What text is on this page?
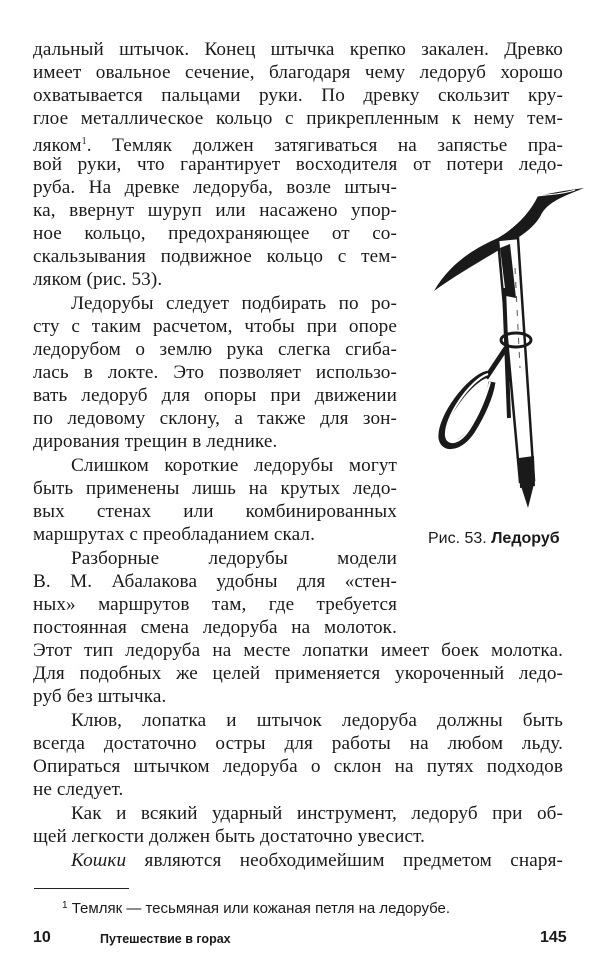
дальный штычок. Конец штычка крепко закален. Древко
имеет овальное сечение, благодаря чему ледоруб хорошо
охватывается пальцами руки. По древку скользит кру-
глое металлическое кольцо с прикрепленным к нему тем-
ляком$^1$. Темляк должен затягиваться на запястье пра-
вой руки, что гарантирует восходителя от потери ледо-
руба. На древке ледоруба, возле штыч-
ка, ввернут шуруп или насажено упор-
ное кольцо, предохраняющее от со-
скальзывания подвижное кольцо с тем-
ляком (рис. 53).
Ледорубы следует подбирать по ро-
сту с таким расчетом, чтобы при опоре
ледорубом о землю рука слегка сгиба-
лась в локте. Это позволяет использо-
вать ледоруб для опоры при движении
по ледовому склону, а также для зон-
дирования трещин в леднике.
Слишком короткие ледорубы могут
быть применены лишь на крутых ледо-
вых стенах или комбинированных
маршрутах с преобладанием скал.
Разборные ледорубы модели
В. М. Абалакова удобны для «стен-
ных» маршрутов там, где требуется
постоянная смена ледоруба на молоток.
Этот тип ледоруба на месте лопатки имеет боек молотка.
Для подобных же целей применяется укороченный ледо-
руб без штычка.
Клюв, лопатка и штычок ледоруба должны быть
всегда достаточно остры для работы на любом льду.
Опираться штычком ледоруба о склон на путях подходов
не следует.
Как и всякий ударный инструмент, ледоруб при об-
щей легкости должен быть достаточно увесист.
Кошки являются необходимейшим предметом снаря-
Рис. 53. Ледоруб
$^1$ Темляк — тесьмяная или кожаная петля на ледорубе.
10	Путешествие в горах	145
